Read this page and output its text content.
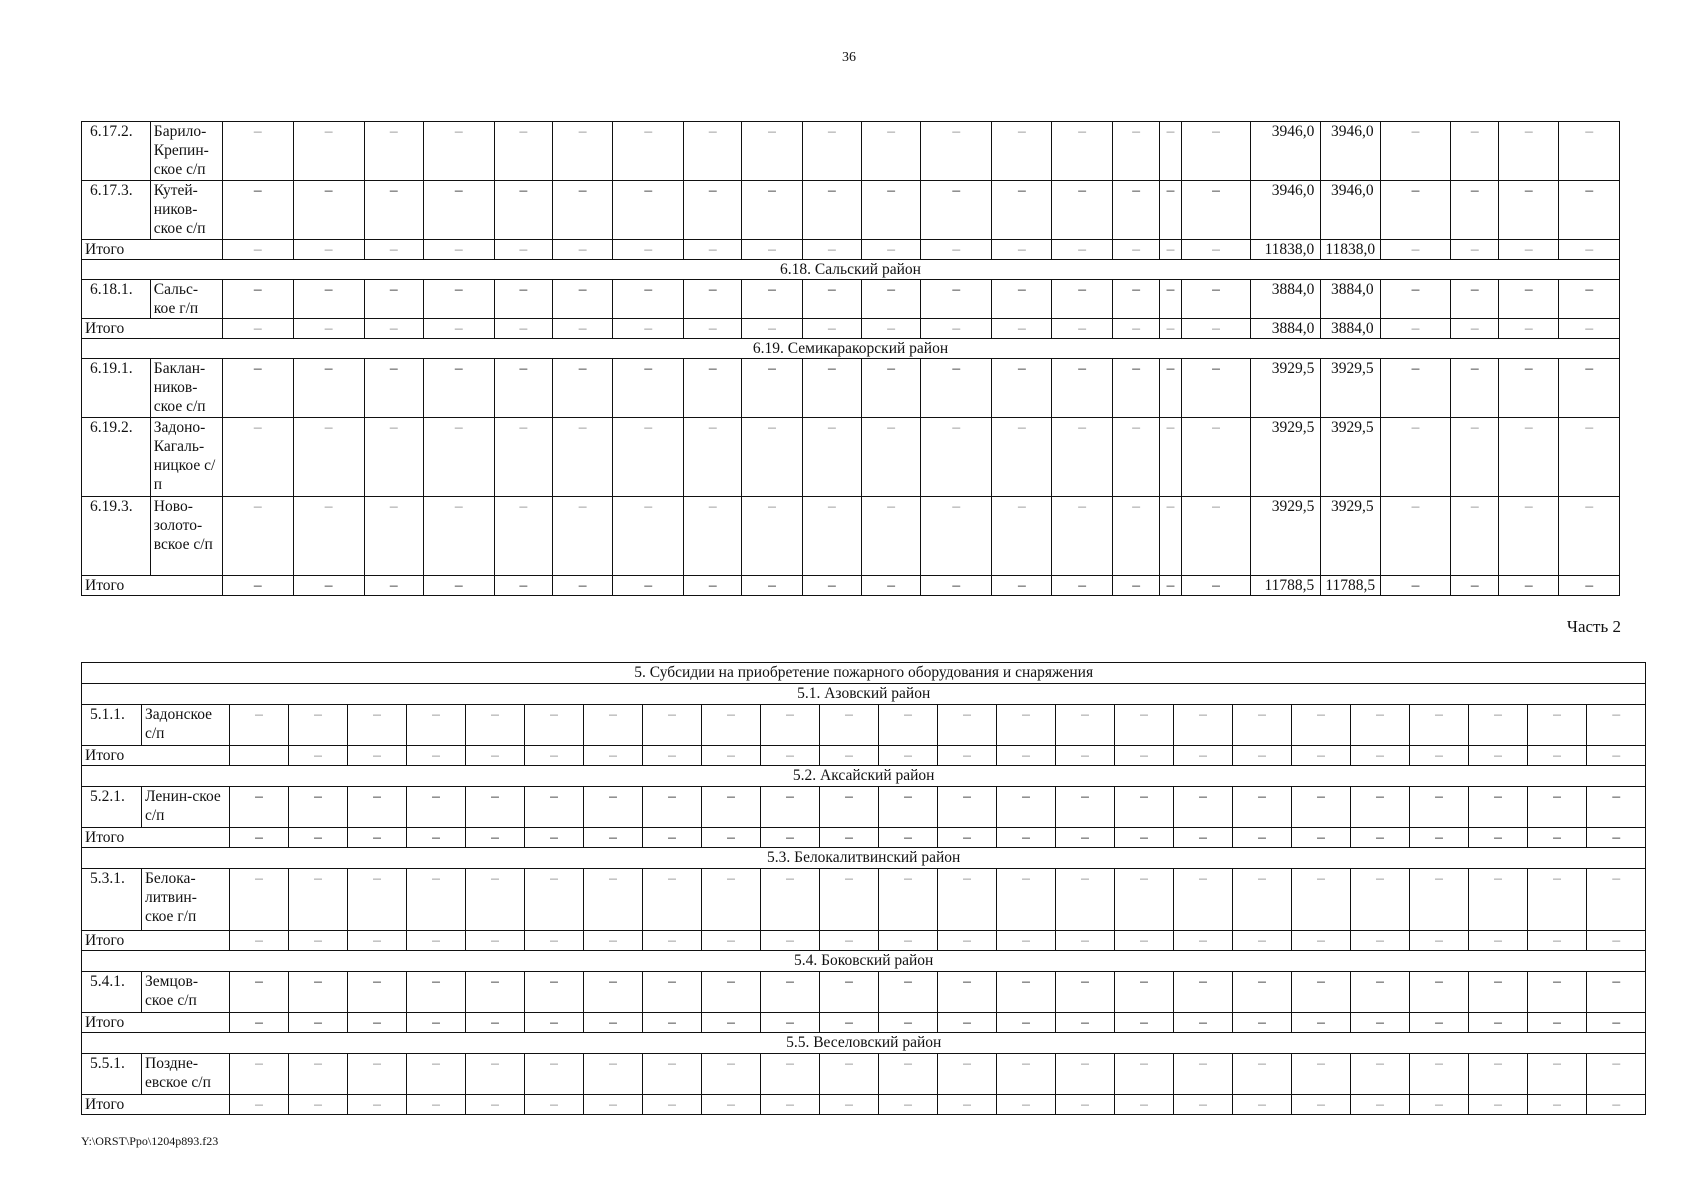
36
6.17.2.	Барило-Крепин-ское с/п	–	–	–	–	–	–	–	–	–	–	–	–	–	–	–	–	–	3946,0	3946,0	–	–	–	–
6.17.3.	Кутей-ников-ское с/п	–	–	–	–	–	–	–	–	–	–	–	–	–	–	–	–	–	3946,0	3946,0	–	–	–	–
Итого		–	–	–	–	–	–	–	–	–	–	–	–	–	–	–	–	–	11838,0	11838,0	–	–	–	–
6.18. Сальский район																								
6.18.1.	Сальс-кое г/п	–	–	–	–	–	–	–	–	–	–	–	–	–	–	–	–	–	3884,0	3884,0	–	–	–	–
Итого		–	–	–	–	–	–	–	–	–	–	–	–	–	–	–	–	–	3884,0	3884,0	–	–	–	–
6.19. Семикаракорский район																								
6.19.1.	Баклан-ников-ское с/п	–	–	–	–	–	–	–	–	–	–	–	–	–	–	–	–	–	3929,5	3929,5	–	–	–	–
6.19.2.	Задоно-Кагаль-ницкое с/п	–	–	–	–	–	–	–	–	–	–	–	–	–	–	–	–	–	3929,5	3929,5	–	–	–	–
6.19.3.	Ново-золото-вское с/п	–	–	–	–	–	–	–	–	–	–	–	–	–	–	–	–	–	3929,5	3929,5	–	–	–	–
Итого		–	–	–	–	–	–	–	–	–	–	–	–	–	–	–	–	–	11788,5	11788,5	–	–	–	–
Часть 2
5. Субсидии на приобретение пожарного оборудования и снаряжения																									
5.1. Азовский район																									
5.1.1.	Задонское с/п	–	–	–	–	–	–	–	–	–	–	–	–	–	–	–	–	–	–	–	–	–	–	–	–
Итого			–	–	–	–	–	–	–	–	–	–	–	–	–	–	–	–	–	–	–	–	–	–	–
5.2. Аксайский район																									
5.2.1.	Ленин-ское с/п	–	–	–	–	–	–	–	–	–	–	–	–	–	–	–	–	–	–	–	–	–	–	–	–
Итого		–	–	–	–	–	–	–	–	–	–	–	–	–	–	–	–	–	–	–	–	–	–	–	–
5.3. Белокалитвинский район																									
5.3.1.	Белока-литвин-ское г/п	–	–	–	–	–	–	–	–	–	–	–	–	–	–	–	–	–	–	–	–	–	–	–	–
Итого		–	–	–	–	–	–	–	–	–	–	–	–	–	–	–	–	–	–	–	–	–	–	–	–
5.4. Боковский район																									
5.4.1.	Земцов-ское с/п	–	–	–	–	–	–	–	–	–	–	–	–	–	–	–	–	–	–	–	–	–	–	–	–
Итого		–	–	–	–	–	–	–	–	–	–	–	–	–	–	–	–	–	–	–	–	–	–	–	–
5.5. Веселовский район																									
5.5.1.	Поздне-евское с/п	–	–	–	–	–	–	–	–	–	–	–	–	–	–	–	–	–	–	–	–	–	–	–	–
Итого		–	–	–	–	–	–	–	–	–	–	–	–	–	–	–	–	–	–	–	–	–	–	–	–
Y:\ORST\Ppo\1204p893.f23
